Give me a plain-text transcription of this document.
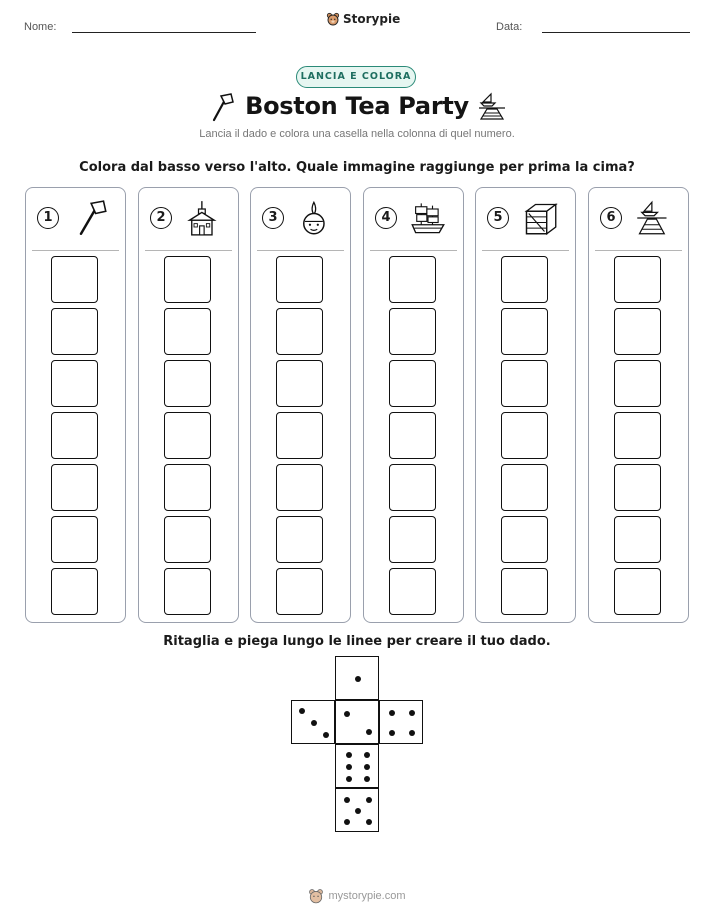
Nome:
Storypie
Data:
LANCIA E COLORA
Boston Tea Party
Lancia il dado e colora una casella nella colonna di quel numero.
Colora dal basso verso l'alto. Quale immagine raggiunge per prima la cima?
1	2	3	4	5	6
Ritaglia e piega lungo le linee per creare il tuo dado.
mystorypie.com
